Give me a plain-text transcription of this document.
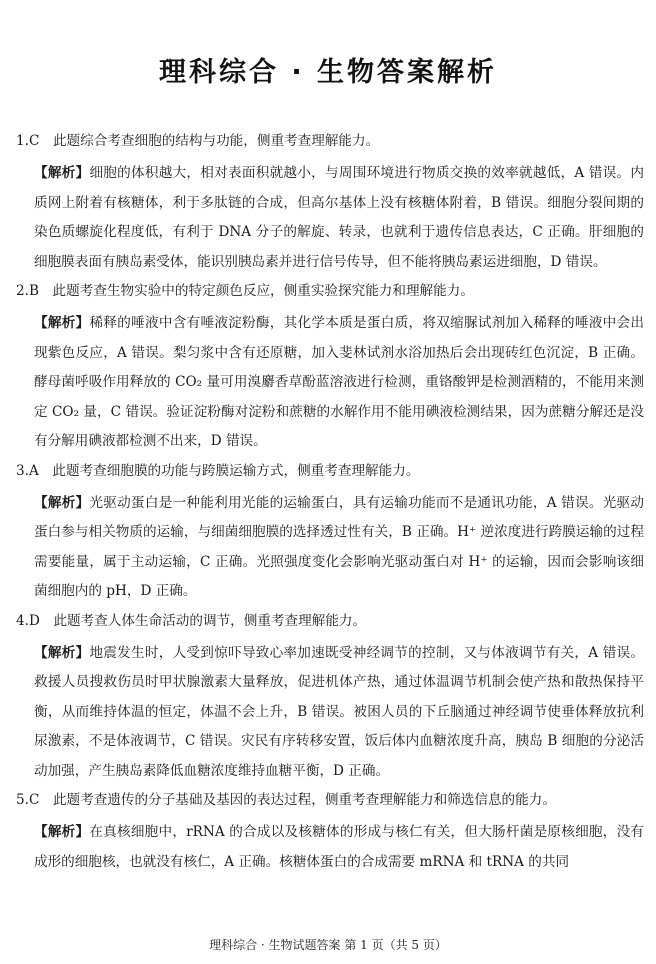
理科综合 · 生物答案解析
1.C　此题综合考查细胞的结构与功能，侧重考查理解能力。
【解析】细胞的体积越大，相对表面积就越小，与周围环境进行物质交换的效率就越低，A 错误。内质网上附着有核糖体，利于多肽链的合成，但高尔基体上没有核糖体附着，B 错误。细胞分裂间期的染色质螺旋化程度低，有利于 DNA 分子的解旋、转录，也就利于遗传信息表达，C 正确。肝细胞的细胞膜表面有胰岛素受体，能识别胰岛素并进行信号传导，但不能将胰岛素运进细胞，D 错误。
2.B　此题考查生物实验中的特定颜色反应，侧重实验探究能力和理解能力。
【解析】稀释的唾液中含有唾液淀粉酶，其化学本质是蛋白质，将双缩脲试剂加入稀释的唾液中会出现紫色反应，A 错误。梨匀浆中含有还原糖，加入斐林试剂水浴加热后会出现砖红色沉淀，B 正确。酵母菌呼吸作用释放的 CO₂ 量可用溴麝香草酚蓝溶液进行检测，重铬酸钾是检测酒精的，不能用来测定 CO₂ 量，C 错误。验证淀粉酶对淀粉和蔗糖的水解作用不能用碘液检测结果，因为蔗糖分解还是没有分解用碘液都检测不出来，D 错误。
3.A　此题考查细胞膜的功能与跨膜运输方式，侧重考查理解能力。
【解析】光驱动蛋白是一种能利用光能的运输蛋白，具有运输功能而不是通讯功能，A 错误。光驱动蛋白参与相关物质的运输，与细菌细胞膜的选择透过性有关，B 正确。H⁺ 逆浓度进行跨膜运输的过程需要能量，属于主动运输，C 正确。光照强度变化会影响光驱动蛋白对 H⁺ 的运输，因而会影响该细菌细胞内的 pH，D 正确。
4.D　此题考查人体生命活动的调节，侧重考查理解能力。
【解析】地震发生时，人受到惊吓导致心率加速既受神经调节的控制，又与体液调节有关，A 错误。救援人员搜救伤员时甲状腺激素大量释放，促进机体产热，通过体温调节机制会使产热和散热保持平衡，从而维持体温的恒定，体温不会上升，B 错误。被困人员的下丘脑通过神经调节使垂体释放抗利尿激素，不是体液调节，C 错误。灾民有序转移安置，饭后体内血糖浓度升高，胰岛 B 细胞的分泌活动加强，产生胰岛素降低血糖浓度维持血糖平衡，D 正确。
5.C　此题考查遗传的分子基础及基因的表达过程，侧重考查理解能力和筛选信息的能力。
【解析】在真核细胞中，rRNA 的合成以及核糖体的形成与核仁有关，但大肠杆菌是原核细胞，没有成形的细胞核，也就没有核仁，A 正确。核糖体蛋白的合成需要 mRNA 和 tRNA 的共同
理科综合 · 生物试题答案 第 1 页（共 5 页）
